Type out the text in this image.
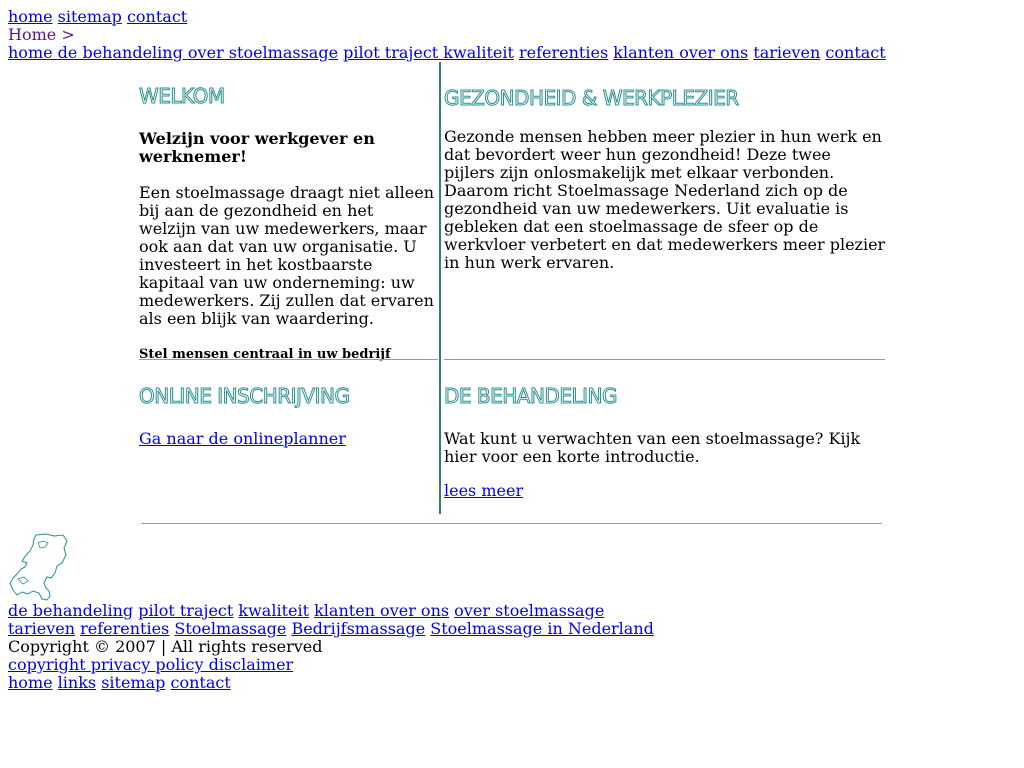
home sitemap contact
Home >
home de behandeling over stoelmassage pilot traject kwaliteit referenties klanten over ons tarieven contact
WELKOM

Welzijn voor werkgever en werknemer!

Een stoelmassage draagt niet alleen bij aan de gezondheid en het welzijn van uw medewerkers, maar ook aan dat van uw organisatie. U investeert in het kostbaarste kapitaal van uw onderneming: uw medewerkers. Zij zullen dat ervaren als een blijk van waardering.

Stel mensen centraal in uw bedrijf

GEZONDHEID & WERKPLEZIER

Gezonde mensen hebben meer plezier in hun werk en dat bevordert weer hun gezondheid! Deze twee pijlers zijn onlosmakelijk met elkaar verbonden. Daarom richt Stoelmassage Nederland zich op de gezondheid van uw medewerkers. Uit evaluatie is gebleken dat een stoelmassage de sfeer op de werkvloer verbetert en dat medewerkers meer plezier in hun werk ervaren.

ONLINE INSCHRIJVING

Ga naar de onlineplanner

DE BEHANDELING

Wat kunt u verwachten van een stoelmassage? Kijk hier voor een korte introductie.

lees meer

de behandeling pilot traject kwaliteit klanten over ons over stoelmassage
tarieven referenties Stoelmassage Bedrijfsmassage Stoelmassage in Nederland
Copyright © 2007 | All rights reserved
copyright privacy policy disclaimer
home links sitemap contact
